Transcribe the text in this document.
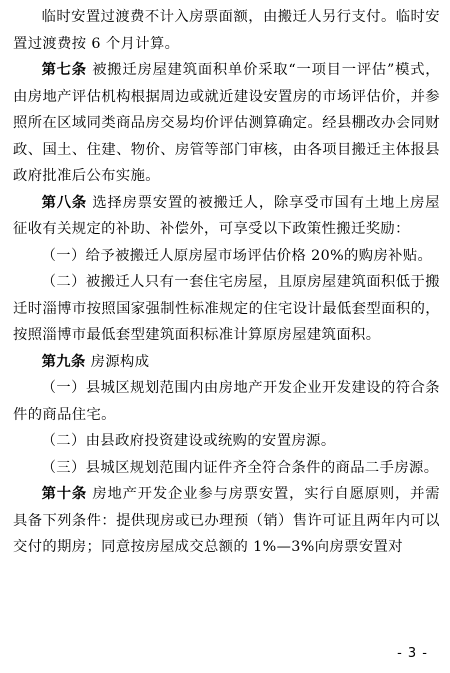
临时安置过渡费不计入房票面额，由搬迁人另行支付。临时安置过渡费按 6 个月计算。

第七条 被搬迁房屋建筑面积单价采取“一项目一评估”模式，由房地产评估机构根据周边或就近建设安置房的市场评估价，并参照所在区域同类商品房交易均价评估测算确定。经县棚改办会同财政、国土、住建、物价、房管等部门审核，由各项目搬迁主体报县政府批准后公布实施。

第八条 选择房票安置的被搬迁人，除享受市国有土地上房屋征收有关规定的补助、补偿外，可享受以下政策性搬迁奖励：

（一）给予被搬迁人原房屋市场评估价格 20%的购房补贴。

（二）被搬迁人只有一套住宅房屋，且原房屋建筑面积低于搬迁时淄博市按照国家强制性标准规定的住宅设计最低套型面积的，按照淄博市最低套型建筑面积标准计算原房屋建筑面积。

第九条 房源构成

（一）县城区规划范围内由房地产开发企业开发建设的符合条件的商品住宅。

（二）由县政府投资建设或统购的安置房源。

（三）县城区规划范围内证件齐全符合条件的商品二手房源。

第十条 房地产开发企业参与房票安置，实行自愿原则，并需具备下列条件：提供现房或已办理预（销）售许可证且两年内可以交付的期房；同意按房屋成交总额的 1%—3%向房票安置对

- 3 -
